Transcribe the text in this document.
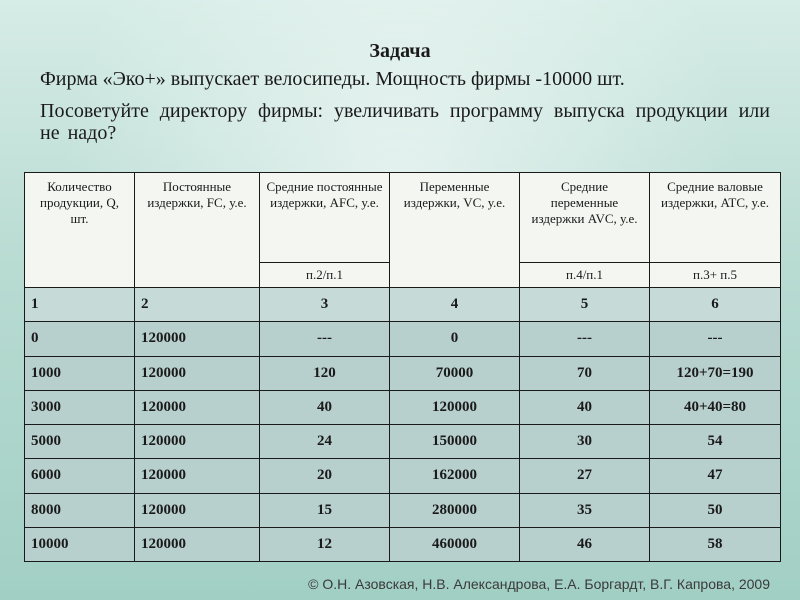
Задача
Фирма «Эко+» выпускает велосипеды. Мощность фирмы -10000 шт.
Посоветуйте директору фирмы: увеличивать программу выпуска продукции или не надо?
Количество продукции, Q, шт.	Постоянные издержки, FC, у.е.	Средние постоянные издержки, AFC, у.е.	Переменные издержки, VC, у.е.	Средние переменные издержки AVC, у.е.	Средние валовые издержки, ATC, у.е.
		п.2/п.1		п.4/п.1	п.3+ п.5
1	2	3	4	5	6
0	120000	---	0	---	---
1000	120000	120	70000	70	120+70=190
3000	120000	40	120000	40	40+40=80
5000	120000	24	150000	30	54
6000	120000	20	162000	27	47
8000	120000	15	280000	35	50
10000	120000	12	460000	46	58
© О.Н. Азовская, Н.В. Александрова, Е.А. Боргардт, В.Г. Капрова, 2009
